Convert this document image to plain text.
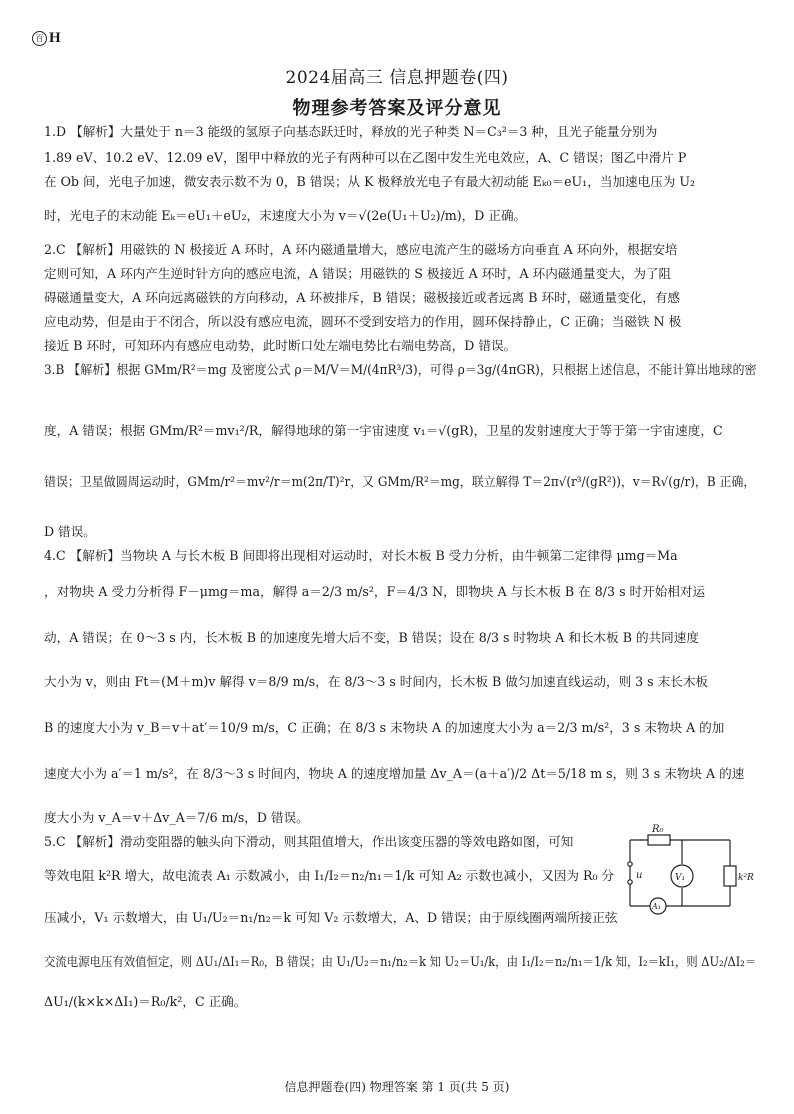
百 H
2024届高三 信息押题卷(四)
物理参考答案及评分意见
1.D 【解析】大量处于 n＝3 能级的氢原子向基态跃迁时，释放的光子种类 N＝C₃²＝3 种，且光子能量分别为
1.89 eV、10.2 eV、12.09 eV，图甲中释放的光子有两种可以在乙图中发生光电效应，A、C 错误；图乙中滑片 P
在 Ob 间，光电子加速，微安表示数不为 0，B 错误；从 K 极释放光电子有最大初动能 Eₖ₀＝eU₁，当加速电压为 U₂
时，光电子的末动能 Eₖ＝eU₁＋eU₂，末速度大小为 v＝√(2e(U₁＋U₂)/m)，D 正确。
2.C 【解析】用磁铁的 N 极接近 A 环时，A 环内磁通量增大，感应电流产生的磁场方向垂直 A 环向外，根据安培
定则可知，A 环内产生逆时针方向的感应电流，A 错误；用磁铁的 S 极接近 A 环时，A 环内磁通量变大，为了阻
碍磁通量变大，A 环向远离磁铁的方向移动，A 环被排斥，B 错误；磁极接近或者远离 B 环时，磁通量变化，有感
应电动势，但是由于不闭合，所以没有感应电流，圆环不受到安培力的作用，圆环保持静止，C 正确；当磁铁 N 极
接近 B 环时，可知环内有感应电动势，此时断口处左端电势比右端电势高，D 错误。
3.B 【解析】根据 GMm/R²＝mg 及密度公式 ρ＝M/V＝M/(4πR³/3)，可得 ρ＝3g/(4πGR)，只根据上述信息，不能计算出地球的密
度，A 错误；根据 GMm/R²＝mv₁²/R，解得地球的第一宇宙速度 v₁＝√(gR)，卫星的发射速度大于等于第一宇宙速度，C
错误；卫星做圆周运动时，GMm/r²＝mv²/r＝m(2π/T)²r，又 GMm/R²＝mg，联立解得 T＝2π√(r³/(gR²))，v＝R√(g/r)，B 正确，
D 错误。
4.C 【解析】当物块 A 与长木板 B 间即将出现相对运动时，对长木板 B 受力分析，由牛顿第二定律得 μmg＝Ma
，对物块 A 受力分析得 F－μmg＝ma，解得 a＝2/3 m/s²，F＝4/3 N，即物块 A 与长木板 B 在 8/3 s 时开始相对运
动，A 错误；在 0～3 s 内，长木板 B 的加速度先增大后不变，B 错误；设在 8/3 s 时物块 A 和长木板 B 的共同速度
大小为 v，则由 Ft＝(M＋m)v 解得 v＝8/9 m/s，在 8/3～3 s 时间内，长木板 B 做匀加速直线运动，则 3 s 末长木板
B 的速度大小为 v_B＝v＋at′＝10/9 m/s，C 正确；在 8/3 s 末物块 A 的加速度大小为 a＝2/3 m/s²，3 s 末物块 A 的加
速度大小为 a′＝1 m/s²，在 8/3～3 s 时间内，物块 A 的速度增加量 Δv_A＝(a＋a′)/2 Δt＝5/18 m s，则 3 s 末物块 A 的速
度大小为 v_A＝v＋Δv_A＝7/6 m/s，D 错误。
5.C 【解析】滑动变阻器的触头向下滑动，则其阻值增大，作出该变压器的等效电路如图，可知
等效电阻 k²R 增大，故电流表 A₁ 示数减小，由 I₁/I₂＝n₂/n₁＝1/k 可知 A₂ 示数也减小，又因为 R₀ 分
压减小，V₁ 示数增大，由 U₁/U₂＝n₁/n₂＝k 可知 V₂ 示数增大，A、D 错误；由于原线圈两端所接正弦
交流电源电压有效值恒定，则 ΔU₁/ΔI₁＝R₀，B 错误；由 U₁/U₂＝n₁/n₂＝k 知 U₂＝U₁/k，由 I₁/I₂＝n₂/n₁＝1/k 知，I₂＝kI₁，则 ΔU₂/ΔI₂＝
ΔU₁/(k×k×ΔI₁)＝R₀/k²，C 正确。
R₀
u	V₁
A₁
k²R
信息押题卷(四) 物理答案 第 1 页(共 5 页)
